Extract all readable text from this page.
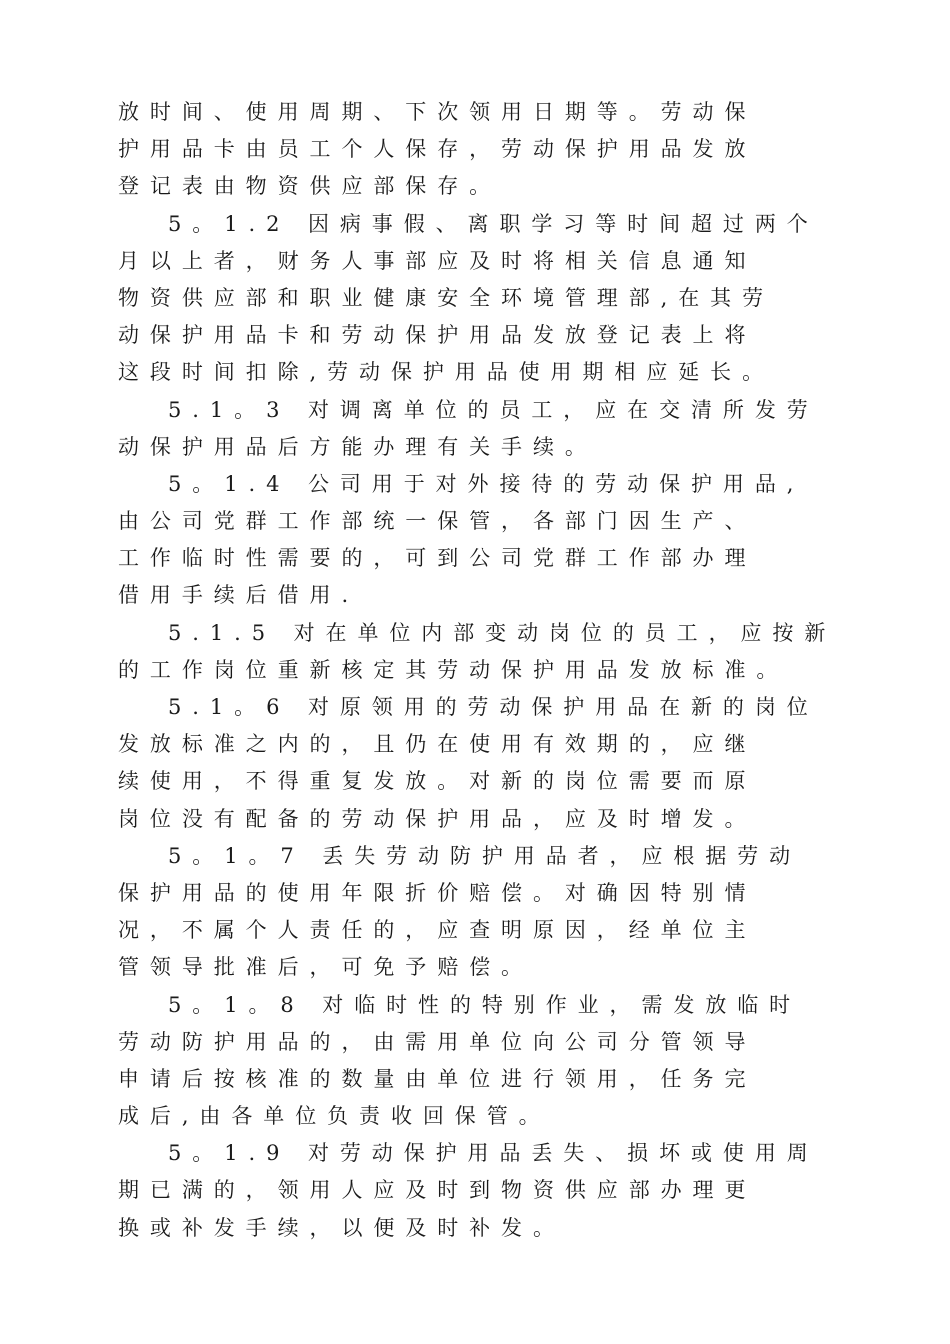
放时间、使用周期、下次领用日期等。劳动保
护用品卡由员工个人保存，劳动保护用品发放
登记表由物资供应部保存。
5。1.2 因病事假、离职学习等时间超过两个
月以上者，财务人事部应及时将相关信息通知
物资供应部和职业健康安全环境管理部,在其劳
动保护用品卡和劳动保护用品发放登记表上将
这段时间扣除,劳动保护用品使用期相应延长。
5.1。3 对调离单位的员工，应在交清所发劳
动保护用品后方能办理有关手续。
5。1.4 公司用于对外接待的劳动保护用品,
由公司党群工作部统一保管，各部门因生产、
工作临时性需要的，可到公司党群工作部办理
借用手续后借用.
5.1.5 对在单位内部变动岗位的员工，应按新
的工作岗位重新核定其劳动保护用品发放标准。
5.1。6 对原领用的劳动保护用品在新的岗位
发放标准之内的，且仍在使用有效期的，应继
续使用，不得重复发放。对新的岗位需要而原
岗位没有配备的劳动保护用品，应及时增发。
5。1。7 丢失劳动防护用品者，应根据劳动
保护用品的使用年限折价赔偿。对确因特别情
况，不属个人责任的，应查明原因，经单位主
管领导批准后，可免予赔偿。
5。1。8 对临时性的特别作业，需发放临时
劳动防护用品的，由需用单位向公司分管领导
申请后按核准的数量由单位进行领用，任务完
成后,由各单位负责收回保管。
5。1.9 对劳动保护用品丢失、损坏或使用周
期已满的，领用人应及时到物资供应部办理更
换或补发手续，以便及时补发。
